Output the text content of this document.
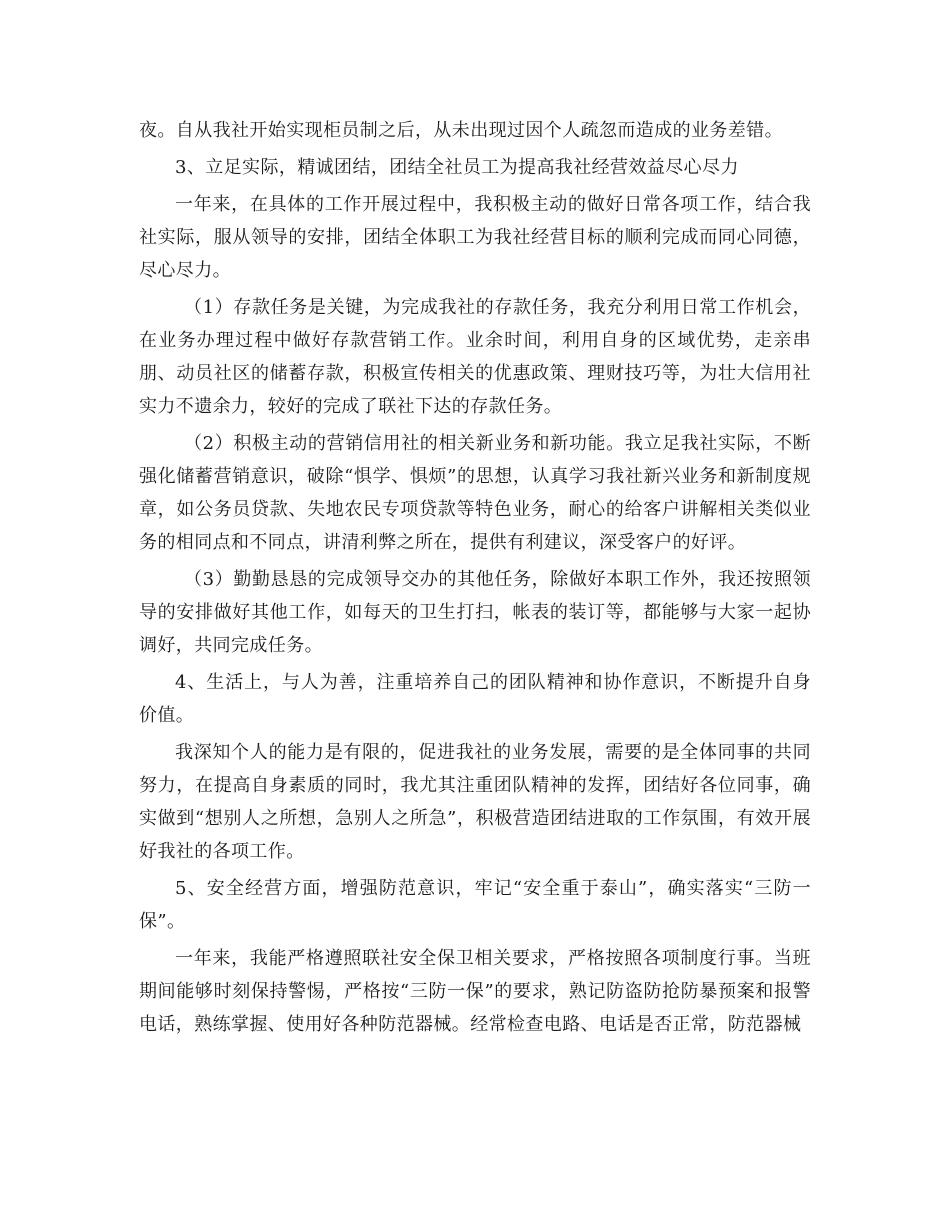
夜。自从我社开始实现柜员制之后，从未出现过因个人疏忽而造成的业务差错。

3、立足实际，精诚团结，团结全社员工为提高我社经营效益尽心尽力

一年来，在具体的工作开展过程中，我积极主动的做好日常各项工作，结合我社实际，服从领导的安排，团结全体职工为我社经营目标的顺利完成而同心同德，尽心尽力。

（1）存款任务是关键，为完成我社的存款任务，我充分利用日常工作机会，在业务办理过程中做好存款营销工作。业余时间，利用自身的区域优势，走亲串朋、动员社区的储蓄存款，积极宣传相关的优惠政策、理财技巧等，为壮大信用社实力不遗余力，较好的完成了联社下达的存款任务。

（2）积极主动的营销信用社的相关新业务和新功能。我立足我社实际，不断强化储蓄营销意识，破除“惧学、惧烦”的思想，认真学习我社新兴业务和新制度规章，如公务员贷款、失地农民专项贷款等特色业务，耐心的给客户讲解相关类似业务的相同点和不同点，讲清利弊之所在，提供有利建议，深受客户的好评。

（3）勤勤恳恳的完成领导交办的其他任务，除做好本职工作外，我还按照领导的安排做好其他工作，如每天的卫生打扫，帐表的装订等，都能够与大家一起协调好，共同完成任务。

4、生活上，与人为善，注重培养自己的团队精神和协作意识，不断提升自身价值。

我深知个人的能力是有限的，促进我社的业务发展，需要的是全体同事的共同努力，在提高自身素质的同时，我尤其注重团队精神的发挥，团结好各位同事，确实做到“想别人之所想，急别人之所急”，积极营造团结进取的工作氛围，有效开展好我社的各项工作。

5、安全经营方面，增强防范意识，牢记“安全重于泰山”，确实落实“三防一保”。

一年来，我能严格遵照联社安全保卫相关要求，严格按照各项制度行事。当班期间能够时刻保持警惕，严格按“三防一保”的要求，熟记防盗防抢防暴预案和报警电话，熟练掌握、使用好各种防范器械。经常检查电路、电话是否正常，防范器械
